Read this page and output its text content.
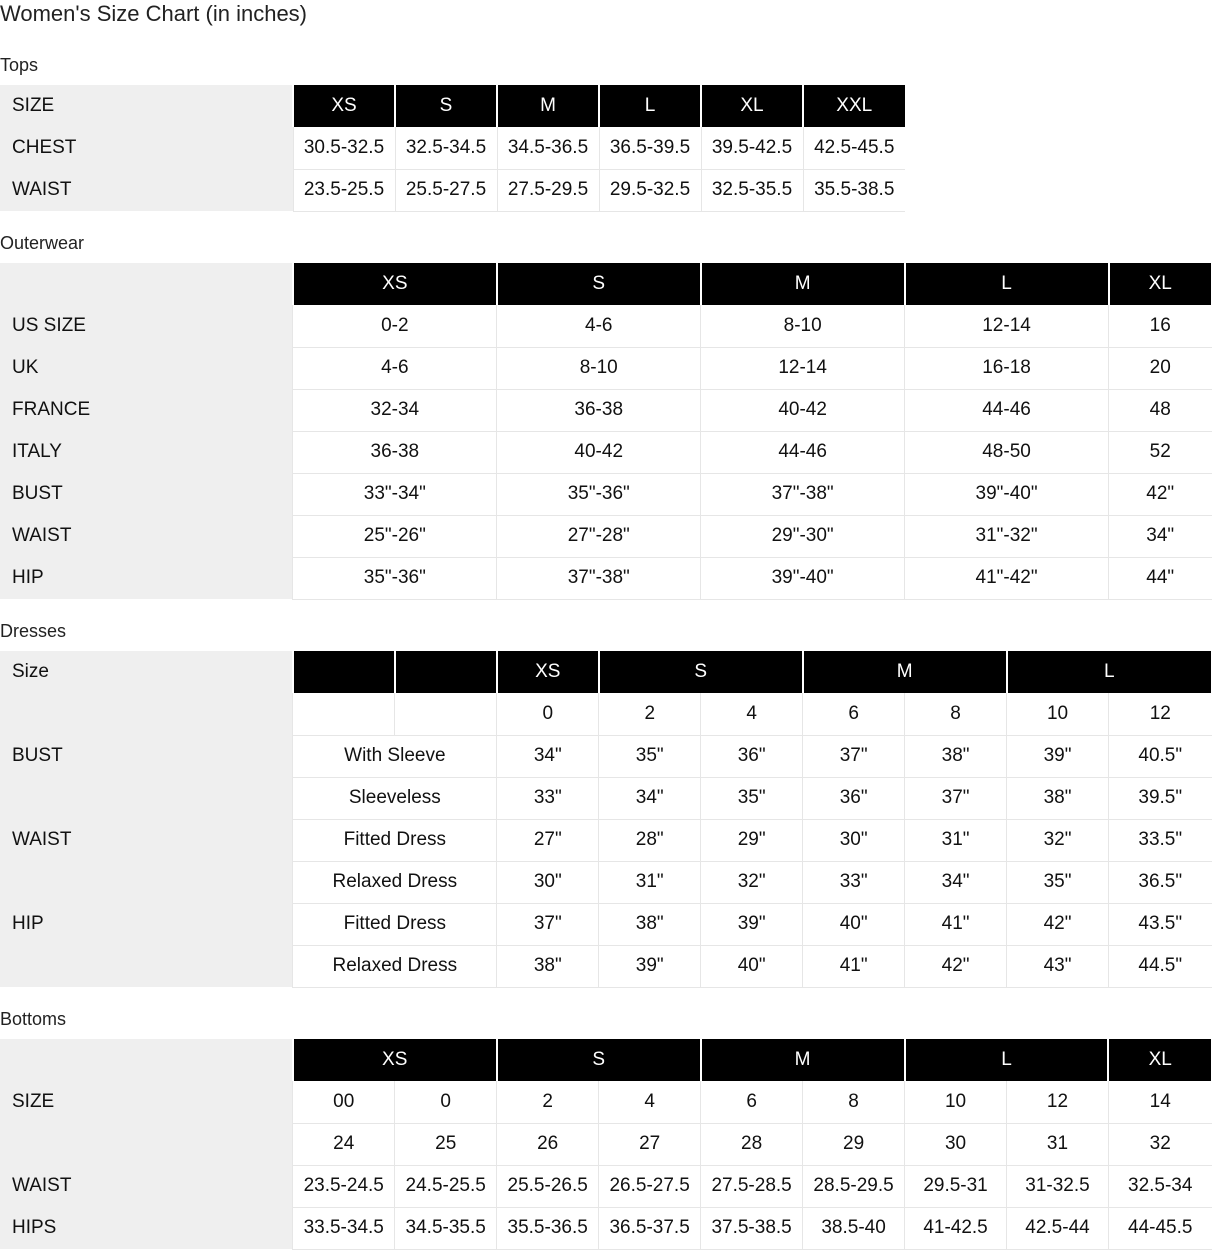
Women's Size Chart (in inches)
Tops
SIZE	XS	S	M	L	XL	XXL
CHEST	30.5-32.5	32.5-34.5	34.5-36.5	36.5-39.5	39.5-42.5	42.5-45.5
WAIST	23.5-25.5	25.5-27.5	27.5-29.5	29.5-32.5	32.5-35.5	35.5-38.5
Outerwear
	XS	S	M	L	XL
US SIZE	0-2	4-6	8-10	12-14	16
UK	4-6	8-10	12-14	16-18	20
FRANCE	32-34	36-38	40-42	44-46	48
ITALY	36-38	40-42	44-46	48-50	52
BUST	33"-34"	35"-36"	37"-38"	39"-40"	42"
WAIST	25"-26"	27"-28"	29"-30"	31"-32"	34"
HIP	35"-36"	37"-38"	39"-40"	41"-42"	44"
Dresses
Size			XS	S		M		L	
			0	2	4	6	8	10	12
BUST	With Sleeve		34"	35"	36"	37"	38"	39"	40.5"
	Sleeveless		33"	34"	35"	36"	37"	38"	39.5"
WAIST	Fitted Dress		27"	28"	29"	30"	31"	32"	33.5"
	Relaxed Dress		30"	31"	32"	33"	34"	35"	36.5"
HIP	Fitted Dress		37"	38"	39"	40"	41"	42"	43.5"
	Relaxed Dress		38"	39"	40"	41"	42"	43"	44.5"
Bottoms
	XS		S		M		L		XL
SIZE	00	0	2	4	6	8	10	12	14
	24	25	26	27	28	29	30	31	32
WAIST	23.5-24.5	24.5-25.5	25.5-26.5	26.5-27.5	27.5-28.5	28.5-29.5	29.5-31	31-32.5	32.5-34
HIPS	33.5-34.5	34.5-35.5	35.5-36.5	36.5-37.5	37.5-38.5	38.5-40	41-42.5	42.5-44	44-45.5
